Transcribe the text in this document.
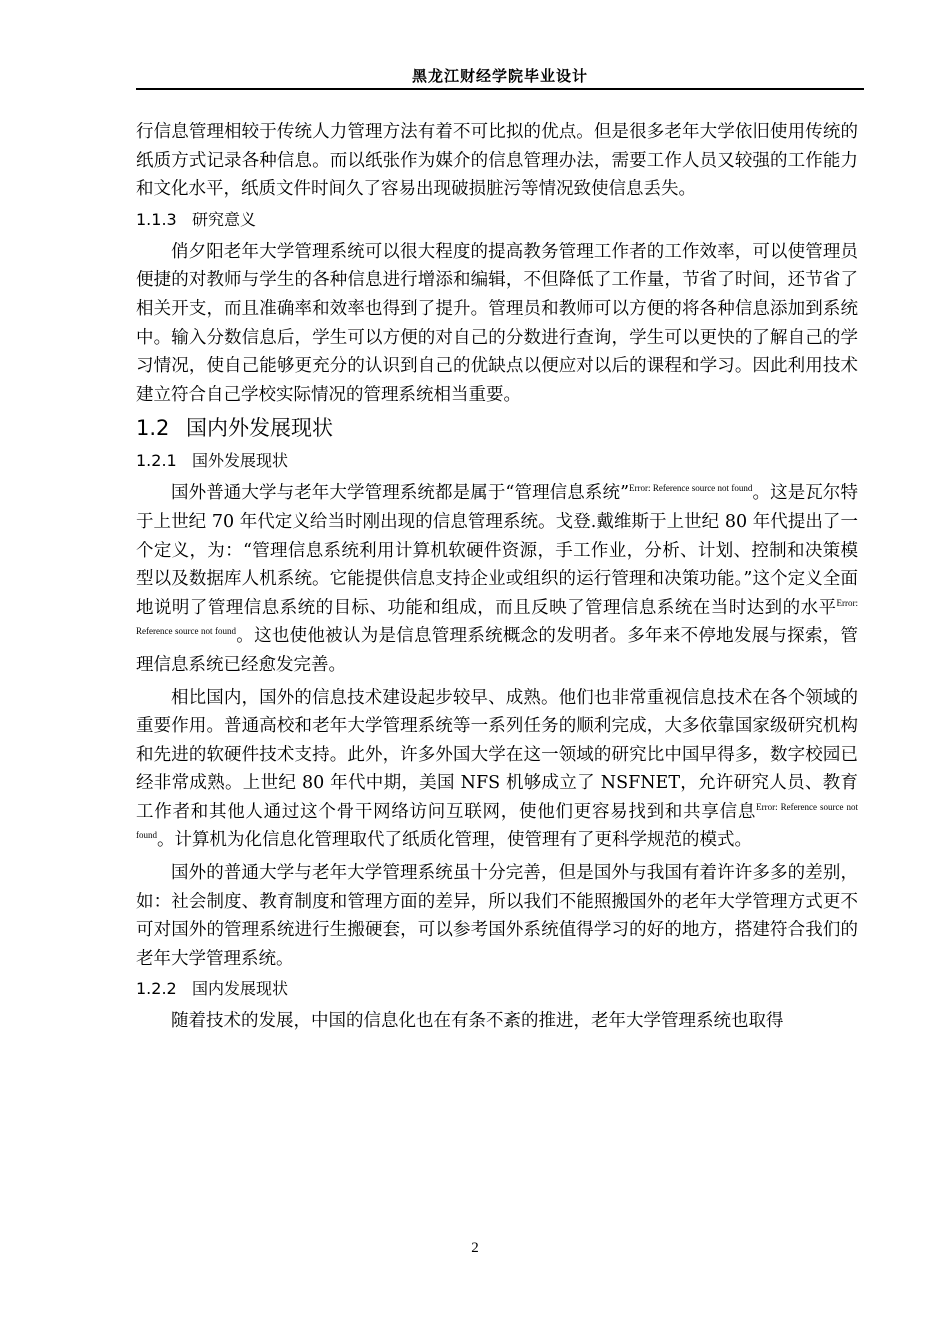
黑龙江财经学院毕业设计

行信息管理相较于传统人力管理方法有着不可比拟的优点。但是很多老年大学依旧使用传统的纸质方式记录各种信息。而以纸张作为媒介的信息管理办法，需要工作人员又较强的工作能力和文化水平，纸质文件时间久了容易出现破损脏污等情况致使信息丢失。

1.1.3 研究意义

俏夕阳老年大学管理系统可以很大程度的提高教务管理工作者的工作效率，可以使管理员便捷的对教师与学生的各种信息进行增添和编辑，不但降低了工作量，节省了时间，还节省了相关开支，而且准确率和效率也得到了提升。管理员和教师可以方便的将各种信息添加到系统中。输入分数信息后，学生可以方便的对自己的分数进行查询，学生可以更快的了解自己的学习情况，使自己能够更充分的认识到自己的优缺点以便应对以后的课程和学习。因此利用技术建立符合自己学校实际情况的管理系统相当重要。

1.2 国内外发展现状
1.2.1 国外发展现状

国外普通大学与老年大学管理系统都是属于“管理信息系统”$^{Error: Reference source not found}$。这是瓦尔特于上世纪 70 年代定义给当时刚出现的信息管理系统。戈登.戴维斯于上世纪 80 年代提出了一个定义，为：“管理信息系统利用计算机软硬件资源，手工作业，分析、计划、控制和决策模型以及数据库人机系统。它能提供信息支持企业或组织的运行管理和决策功能。”这个定义全面地说明了管理信息系统的目标、功能和组成，而且反映了管理信息系统在当时达到的水平$^{Error: Reference source not found}$。这也使他被认为是信息管理系统概念的发明者。多年来不停地发展与探索，管理信息系统已经愈发完善。

相比国内，国外的信息技术建设起步较早、成熟。他们也非常重视信息技术在各个领域的重要作用。普通高校和老年大学管理系统等一系列任务的顺利完成，大多依靠国家级研究机构和先进的软硬件技术支持。此外，许多外国大学在这一领域的研究比中国早得多，数字校园已经非常成熟。上世纪 80 年代中期，美国 NFS 机够成立了 NSFNET，允许研究人员、教育工作者和其他人通过这个骨干网络访问互联网，使他们更容易找到和共享信息$^{Error: Reference source not found}$。计算机为化信息化管理取代了纸质化管理，使管理有了更科学规范的模式。

国外的普通大学与老年大学管理系统虽十分完善，但是国外与我国有着许许多多的差别，如：社会制度、教育制度和管理方面的差异，所以我们不能照搬国外的老年大学管理方式更不可对国外的管理系统进行生搬硬套，可以参考国外系统值得学习的好的地方，搭建符合我们的老年大学管理系统。

1.2.2 国内发展现状

随着技术的发展，中国的信息化也在有条不紊的推进，老年大学管理系统也取得

2
